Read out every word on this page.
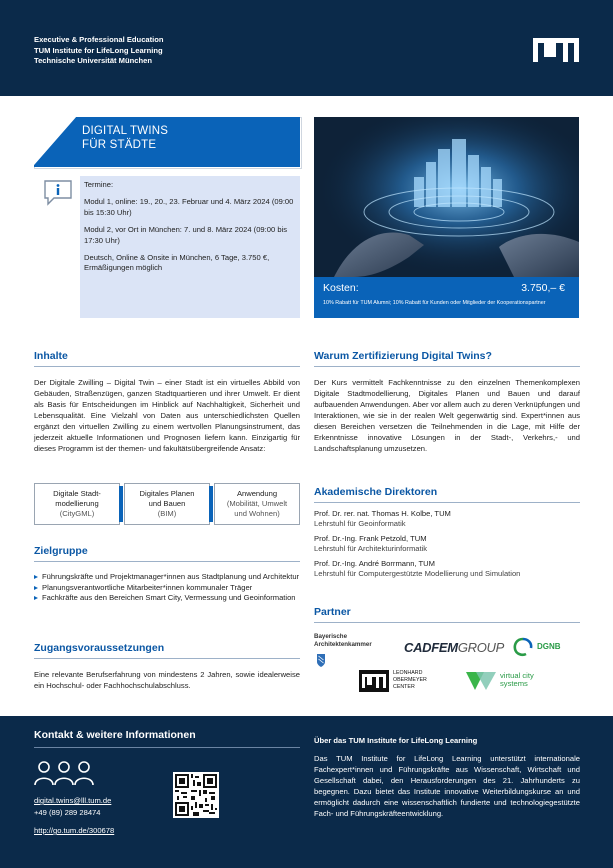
Executive & Professional Education
TUM Institute for LifeLong Learning
Technische Universität München
DIGITAL TWINS
FÜR STÄDTE

Termine:

Modul 1, online: 19., 20., 23. Februar und 4. März 2024 (09:00 bis 15:30 Uhr)

Modul 2, vor Ort in München: 7. und 8. März 2024 (09:00 bis 17:30 Uhr)

Deutsch, Online & Onsite in München, 6 Tage, 3.750 €, Ermäßigungen möglich

Kosten:	3.750,– €
10% Rabatt für TUM Alumni; 10% Rabatt für Kunden oder Mitglieder der Kooperationspartner
Inhalte
Der Digitale Zwilling – Digital Twin – einer Stadt ist ein virtuelles Abbild von Gebäuden, Straßenzügen, ganzen Stadtquartieren und ihrer Umwelt. Er dient als Basis für Entscheidungen im Hinblick auf Nachhaltigkeit, Sicherheit und Lebensqualität. Eine Vielzahl von Daten aus unterschiedlichsten Quellen ergänzt den virtuellen Zwilling zu einem wertvollen Planungsinstrument, das jederzeit aktuelle Informationen und Prognosen liefern kann. Einzigartig für dieses Programm ist der themen- und fakultätsübergreifende Ansatz:
Digitale Stadt-
modellierung
(CityGML)
Digitales Planen
und Bauen
(BIM)
Anwendung
(Mobilität, Umwelt
und Wohnen)
Zielgruppe
Führungskräfte und Projektmanager*innen aus Stadtplanung und Architektur
Planungsverantwortliche Mitarbeiter*innen kommunaler Träger
Fachkräfte aus den Bereichen Smart City, Vermessung und Geoinformation
Zugangsvoraussetzungen
Eine relevante Berufserfahrung von mindestens 2 Jahren, sowie idealerweise ein Hochschul- oder Fachhochschulabschluss.
Warum Zertifizierung Digital Twins?
Der Kurs vermittelt Fachkenntnisse zu den einzelnen Themenkomplexen Digitale Stadtmodellierung, Digitales Planen und Bauen und darauf aufbauenden Anwendungen. Aber vor allem auch zu deren Verknüpfungen und Interaktionen, wie sie in der realen Welt gegenwärtig sind. Expert*innen aus diesen Bereichen versetzen die Teilnehmenden in die Lage, mit Hilfe der Erkenntnisse innovative Lösungen in der Stadt-, Verkehrs,- und Landschaftsplanung umzusetzen.
Akademische Direktoren
Prof. Dr. rer. nat. Thomas H. Kolbe, TUM
Lehrstuhl für Geoinformatik
Prof. Dr.-Ing. Frank Petzold, TUM
Lehrstuhl für Architekturinformatik
Prof. Dr.-Ing. André Borrmann, TUM
Lehrstuhl für Computergestützte Modellierung und Simulation
Partner
Bayerische
Architektenkammer	CADFEMGROUP	DGNB
LEONHARD
OBERMEYER
CENTER
virtual city
systems
Kontakt & weitere Informationen
digital.twins@lll.tum.de
+49 (89) 289 28474
http://go.tum.de/300678
Über das TUM Institute for LifeLong Learning
Das TUM Institute for LifeLong Learning unterstützt internationale Fachexpert*innen und Führungskräfte aus Wissenschaft, Wirtschaft und Gesellschaft dabei, den Herausforderungen des 21. Jahrhunderts zu begegnen. Dazu bietet das Institute innovative Weiterbildungskurse an und ermöglicht dadurch eine wissenschaftlich fundierte und technologiegestützte Fach- und Führungskräfteentwicklung.
